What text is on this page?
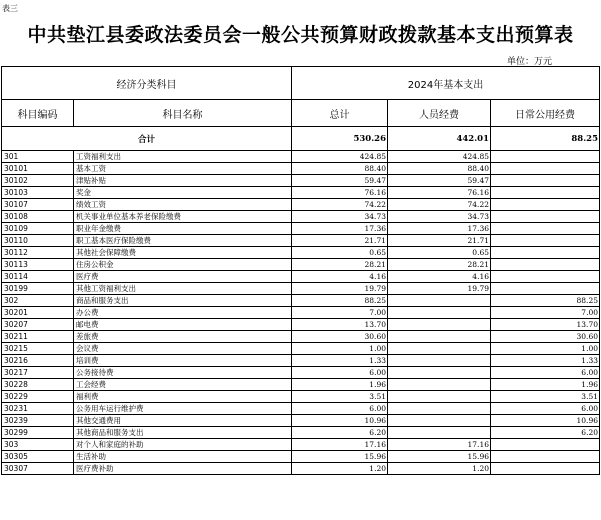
表三
中共垫江县委政法委员会一般公共预算财政拨款基本支出预算表
单位：万元
经济分类科目		2024年基本支出		
科目编码	科目名称	总计	人员经费	日常公用经费
合计		530.26	442.01	88.25
301	工资福利支出	424.85	424.85	
30101	基本工资	88.40	88.40	
30102	津贴补贴	59.47	59.47	
30103	奖金	76.16	76.16	
30107	绩效工资	74.22	74.22	
30108	机关事业单位基本养老保险缴费	34.73	34.73	
30109	职业年金缴费	17.36	17.36	
30110	职工基本医疗保险缴费	21.71	21.71	
30112	其他社会保障缴费	0.65	0.65	
30113	住房公积金	28.21	28.21	
30114	医疗费	4.16	4.16	
30199	其他工资福利支出	19.79	19.79	
302	商品和服务支出	88.25		88.25
30201	办公费	7.00		7.00
30207	邮电费	13.70		13.70
30211	差旅费	30.60		30.60
30215	会议费	1.00		1.00
30216	培训费	1.33		1.33
30217	公务接待费	6.00		6.00
30228	工会经费	1.96		1.96
30229	福利费	3.51		3.51
30231	公务用车运行维护费	6.00		6.00
30239	其他交通费用	10.96		10.96
30299	其他商品和服务支出	6.20		6.20
303	对个人和家庭的补助	17.16	17.16	
30305	生活补助	15.96	15.96	
30307	医疗费补助	1.20	1.20	
